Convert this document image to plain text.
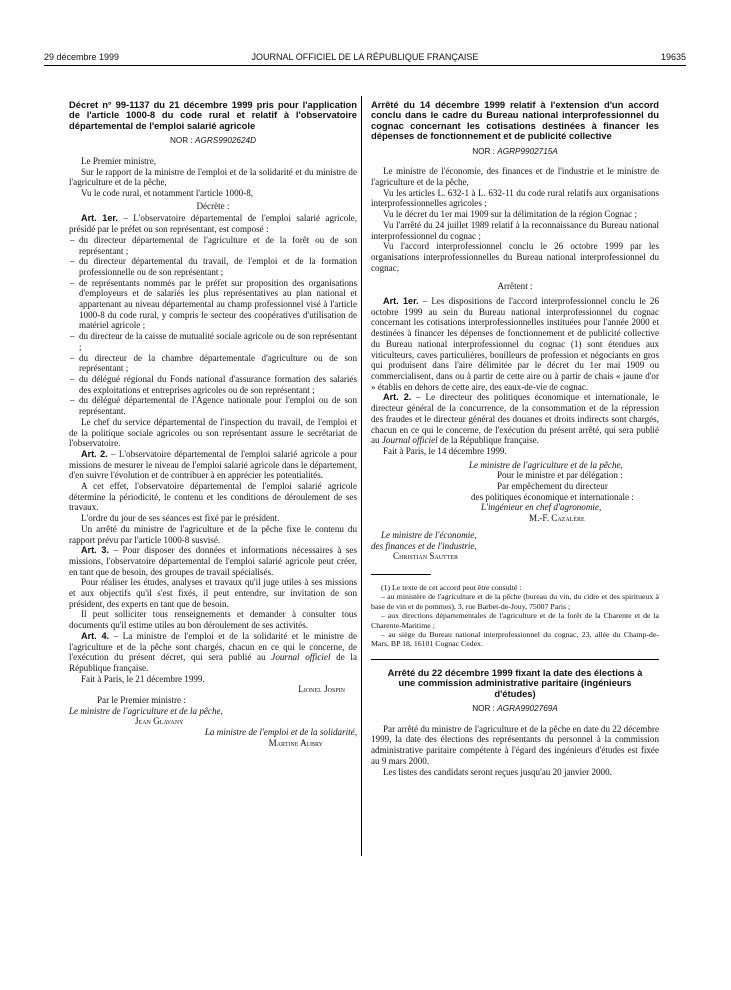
29 décembre 1999	JOURNAL OFFICIEL DE LA RÉPUBLIQUE FRANÇAISE	19635

Décret n° 99-1137 du 21 décembre 1999 pris pour l'application de l'article 1000-8 du code rural et relatif à l'observatoire départemental de l'emploi salarié agricole

NOR : AGRS9902624D

Le Premier ministre,

Sur le rapport de la ministre de l'emploi et de la solidarité et du ministre de l'agriculture et de la pêche,

Vu le code rural, et notamment l'article 1000-8,

Décrète :

Art. 1er. – L'observatoire départemental de l'emploi salarié agricole, présidé par le préfet ou son représentant, est composé :

– du directeur départemental de l'agriculture et de la forêt ou de son représentant ;
– du directeur départemental du travail, de l'emploi et de la formation professionnelle ou de son représentant ;
– de représentants nommés par le préfet sur proposition des organisations d'employeurs et de salariés les plus représentatives au plan national et appartenant au niveau départemental au champ professionnel visé à l'article 1000-8 du code rural, y compris le secteur des coopératives d'utilisation de matériel agricole ;
– du directeur de la caisse de mutualité sociale agricole ou de son représentant ;
– du directeur de la chambre départementale d'agriculture ou de son représentant ;
– du délégué régional du Fonds national d'assurance formation des salariés des exploitations et entreprises agricoles ou de son représentant ;
– du délégué départemental de l'Agence nationale pour l'emploi ou de son représentant.

Le chef du service départemental de l'inspection du travail, de l'emploi et de la politique sociale agricoles ou son représentant assure le secrétariat de l'observatoire.

Art. 2. – L'observatoire départemental de l'emploi salarié agricole a pour missions de mesurer le niveau de l'emploi salarié agricole dans le département, d'en suivre l'évolution et de contribuer à en apprécier les potentialités.

A cet effet, l'observatoire départemental de l'emploi salarié agricole détermine la périodicité, le contenu et les conditions de déroulement de ses travaux.

L'ordre du jour de ses séances est fixé par le président.

Un arrêté du ministre de l'agriculture et de la pêche fixe le contenu du rapport prévu par l'article 1000-8 susvisé.

Art. 3. – Pour disposer des données et informations nécessaires à ses missions, l'observatoire départemental de l'emploi salarié agricole peut créer, en tant que de besoin, des groupes de travail spécialisés.

Pour réaliser les études, analyses et travaux qu'il juge utiles à ses missions et aux objectifs qu'il s'est fixés, il peut entendre, sur invitation de son président, des experts en tant que de besoin.

Il peut solliciter tous renseignements et demander à consulter tous documents qu'il estime utiles au bon déroulement de ses activités.

Art. 4. – La ministre de l'emploi et de la solidarité et le ministre de l'agriculture et de la pêche sont chargés, chacun en ce qui le concerne, de l'exécution du présent décret, qui sera publié au Journal officiel de la République française.

Fait à Paris, le 21 décembre 1999.

Lionel Jospin

Par le Premier ministre :

Le ministre de l'agriculture et de la pêche,

Jean Glavany

La ministre de l'emploi et de la solidarité,

Martine Aubry

Arrêté du 14 décembre 1999 relatif à l'extension d'un accord conclu dans le cadre du Bureau national interprofessionnel du cognac concernant les cotisations destinées à financer les dépenses de fonctionnement et de publicité collective

NOR : AGRP9902715A

Le ministre de l'économie, des finances et de l'industrie et le ministre de l'agriculture et de la pêche,

Vu les articles L. 632-1 à L. 632-11 du code rural relatifs aux organisations interprofessionnelles agricoles ;

Vu le décret du 1er mai 1909 sur la délimitation de la région Cognac ;

Vu l'arrêté du 24 juillet 1989 relatif à la reconnaissance du Bureau national interprofessionnel du cognac ;

Vu l'accord interprofessionnel conclu le 26 octobre 1999 par les organisations interprofessionnelles du Bureau national interprofessionnel du cognac,

Arrêtent :

Art. 1er. – Les dispositions de l'accord interprofessionnel conclu le 26 octobre 1999 au sein du Bureau national interprofessionnel du cognac concernant les cotisations interprofessionnelles instituées pour l'année 2000 et destinées à financer les dépenses de fonctionnement et de publicité collective du Bureau national interprofessionnel du cognac (1) sont étendues aux viticulteurs, caves particulières, bouilleurs de profession et négociants en gros qui produisent dans l'aire délimitée par le décret du 1er mai 1909 ou commercialisent, dans ou à partir de cette aire ou à partir de chais « jaune d'or » établis en dehors de cette aire, des eaux-de-vie de cognac.

Art. 2. – Le directeur des politiques économique et internationale, le directeur général de la concurrence, de la consommation et de la répression des fraudes et le directeur général des douanes et droits indirects sont chargés, chacun en ce qui le concerne, de l'exécution du présent arrêté, qui sera publié au Journal officiel de la République française.

Fait à Paris, le 14 décembre 1999.

Le ministre de l'agriculture et de la pêche,

Pour le ministre et par délégation :

Par empêchement du directeur

des politiques économique et internationale :

L'ingénieur en chef d'agronomie,

M.-F. Cazalère

Le ministre de l'économie,

des finances et de l'industrie,

Christian Sautter

(1) Le texte de cet accord peut être consulté :

– au ministère de l'agriculture et de la pêche (bureau du vin, du cidre et des spiritueux à base de vin et de pommes), 3, rue Barbet-de-Jouy, 75007 Paris ;

– aux directions départementales de l'agriculture et de la forêt de la Charente et de la Charente-Maritime ;

– au siège du Bureau national interprofessionnel du cognac, 23, allée du Champ-de-Mars, BP 18, 16101 Cognac Cedex.

Arrêté du 22 décembre 1999 fixant la date des élections à une commission administrative paritaire (ingénieurs d'études)

NOR : AGRA9902769A

Par arrêté du ministre de l'agriculture et de la pêche en date du 22 décembre 1999, la date des élections des représentants du personnel à la commission administrative paritaire compétente à l'égard des ingénieurs d'études est fixée au 9 mars 2000.

Les listes des candidats seront reçues jusqu'au 20 janvier 2000.
